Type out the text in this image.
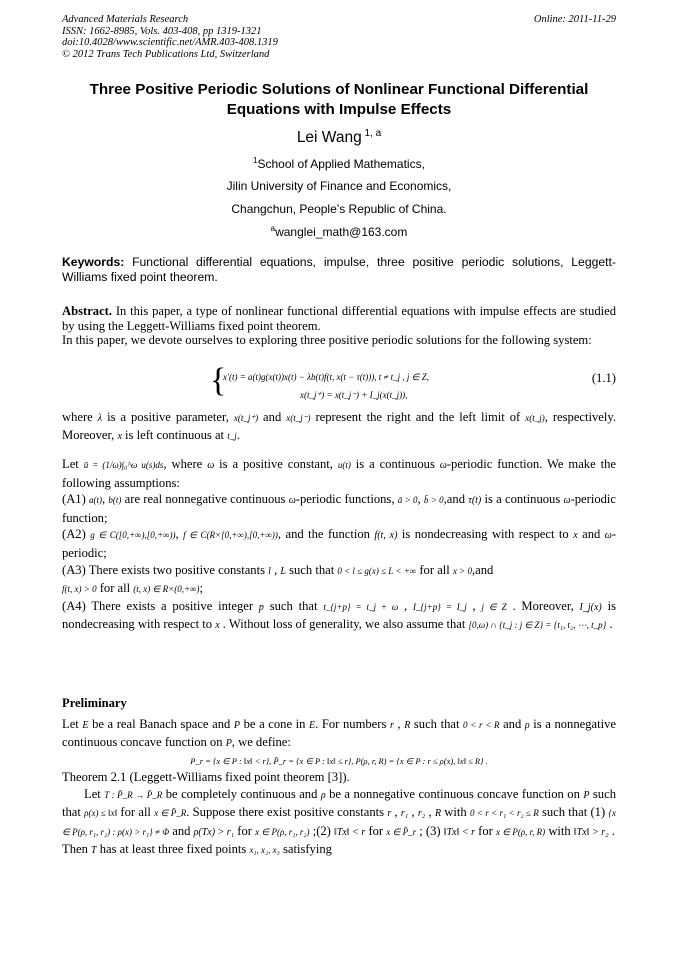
Advanced Materials Research
ISSN: 1662-8985, Vols. 403-408, pp 1319-1321
doi:10.4028/www.scientific.net/AMR.403-408.1319
© 2012 Trans Tech Publications Ltd, Switzerland
Online: 2011-11-29
Three Positive Periodic Solutions of Nonlinear Functional Differential
Equations with Impulse Effects
Lei Wang $^{1, a}$
$^1$School of Applied Mathematics,
Jilin University of Finance and Economics,
Changchun, People’s Republic of China.
$^a$wanglei_math@163.com
Keywords: Functional differential equations, impulse, three positive periodic solutions, Leggett-Williams fixed point theorem.
Abstract. In this paper, a type of nonlinear functional differential equations with impulse effects are studied by using the Leggett-Williams fixed point theorem.
In this paper, we devote ourselves to exploring three positive periodic solutions for the following system:
{
x′(t) = a(t)g(x(t))x(t) − λb(t)f(t, x(t − τ(t))), t ≠ t_j , j ∈ Z,
x(t_j⁺) = x(t_j⁻) + I_j(x(t_j)),
(1.1)
where λ is a positive parameter, x(t_j⁺) and x(t_j⁻) represent the right and the left limit of x(t_j), respectively. Moreover, x is left continuous at t_j.
Let ū = (1/ω)∫₀^ω u(s)ds, where ω is a positive constant, u(t) is a continuous ω-periodic function. We make the following assumptions:
(A1) a(t), b(t) are real nonnegative continuous ω-periodic functions, ā > 0, b̄ > 0,and τ(t) is a continuous ω-periodic function;
(A2) g ∈ C([0,+∞),[0,+∞)), f ∈ C(R×[0,+∞),[0,+∞)), and the function f(t, x) is nondecreasing with respect to x and ω-periodic;
(A3) There exists two positive constants l , L such that 0 < l ≤ g(x) ≤ L < +∞ for all x > 0,and
f(t, x) > 0 for all (t, x) ∈ R×(0,+∞);
(A4) There exists a positive integer p such that t_{j+p} = t_j + ω , I_{j+p} = I_j , j ∈ Z . Moreover, I_j(x) is nondecreasing with respect to x . Without loss of generality, we also assume that [0,ω) ∩ {t_j : j ∈ Z} = {t₁, t₂, ⋯, t_p} .
Preliminary
Let E be a real Banach space and P be a cone in E. For numbers r , R such that 0 < r < R and ρ is a nonnegative continuous concave function on P, we define:
P_r = {x ∈ P : ‖x‖ < r}, P̄_r = {x ∈ P : ‖x‖ ≤ r}, P(ρ, r, R) = {x ∈ P : r ≤ ρ(x), ‖x‖ ≤ R} .
Theorem 2.1 (Leggett-Williams fixed point theorem [3]).
Let T : P̄_R → P̄_R be completely continuous and ρ be a nonnegative continuous concave function on P such that ρ(x) ≤ ‖x‖ for all x ∈ P̄_R. Suppose there exist positive constants r , r₁ , r₂ , R with 0 < r < r₁ < r₂ ≤ R such that (1) {x ∈ P(ρ, r₁, r₂) : ρ(x) > r₁} ≠ Φ and ρ(Tx) > r₁ for x ∈ P(ρ, r₁, r₂) ;(2) ‖Tx‖ < r for x ∈ P̄_r ; (3) ‖Tx‖ < r for x ∈ P(ρ, r, R) with ‖Tx‖ > r₂ .
Then T has at least three fixed points x₁, x₂, x₃ satisfying
